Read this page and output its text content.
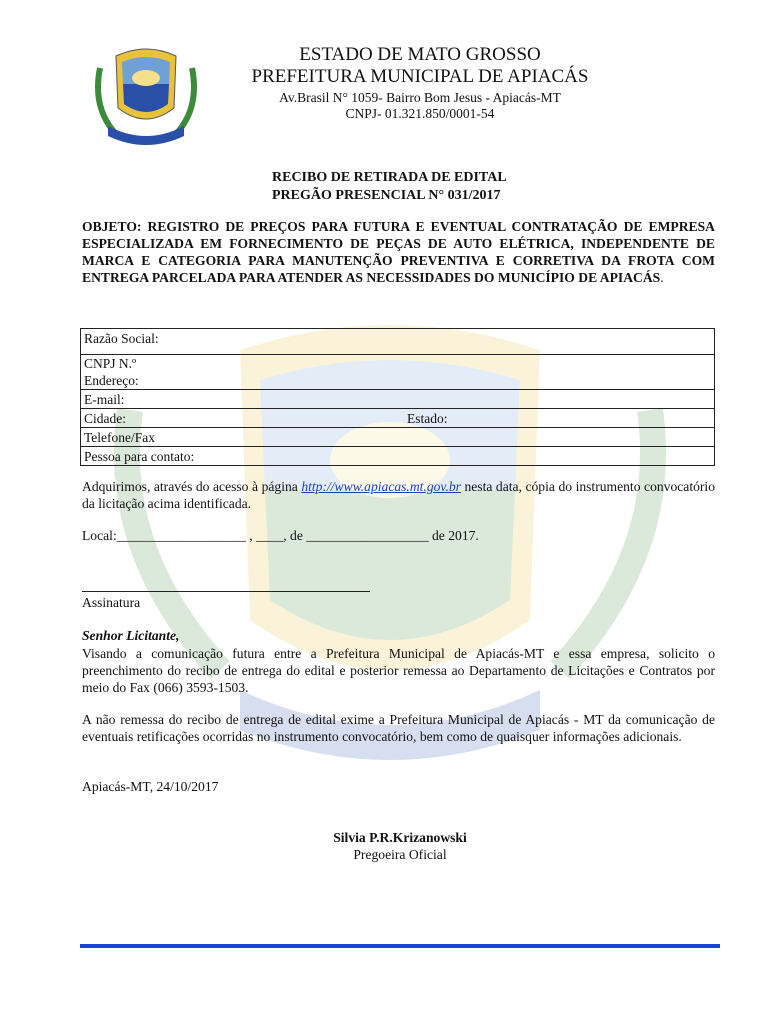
ESTADO DE MATO GROSSO
PREFEITURA MUNICIPAL DE APIACÁS
Av.Brasil N° 1059- Bairro Bom Jesus - Apiacás-MT
CNPJ- 01.321.850/0001-54
RECIBO DE RETIRADA DE EDITAL
PREGÃO PRESENCIAL N° 031/2017
OBJETO: REGISTRO DE PREÇOS PARA FUTURA E EVENTUAL CONTRATAÇÃO DE EMPRESA ESPECIALIZADA EM FORNECIMENTO DE PEÇAS DE AUTO ELÉTRICA, INDEPENDENTE DE MARCA E CATEGORIA PARA MANUTENÇÃO PREVENTIVA E CORRETIVA DA FROTA COM ENTREGA PARCELADA PARA ATENDER AS NECESSIDADES DO MUNICÍPIO DE APIACÁS.
Razão Social:

CNPJ N.º
Endereço:

E-mail:
Cidade:	Estado:

Telefone/Fax
Pessoa para contato:
Adquirimos, através do acesso à página http://www.apiacas.mt.gov.br nesta data, cópia do instrumento convocatório da licitação acima identificada.
Local:___________________ , ____, de __________________ de 2017.
Assinatura
Senhor Licitante,
Visando a comunicação futura entre a Prefeitura Municipal de Apiacás-MT e essa empresa, solicito o preenchimento do recibo de entrega do edital e posterior remessa ao Departamento de Licitações e Contratos por meio do Fax (066) 3593-1503.
A não remessa do recibo de entrega de edital exime a Prefeitura Municipal de Apiacás - MT da comunicação de eventuais retificações ocorridas no instrumento convocatório, bem como de quaisquer informações adicionais.
Apiacás-MT, 24/10/2017
Silvia P.R.Krizanowski
Pregoeira Oficial
